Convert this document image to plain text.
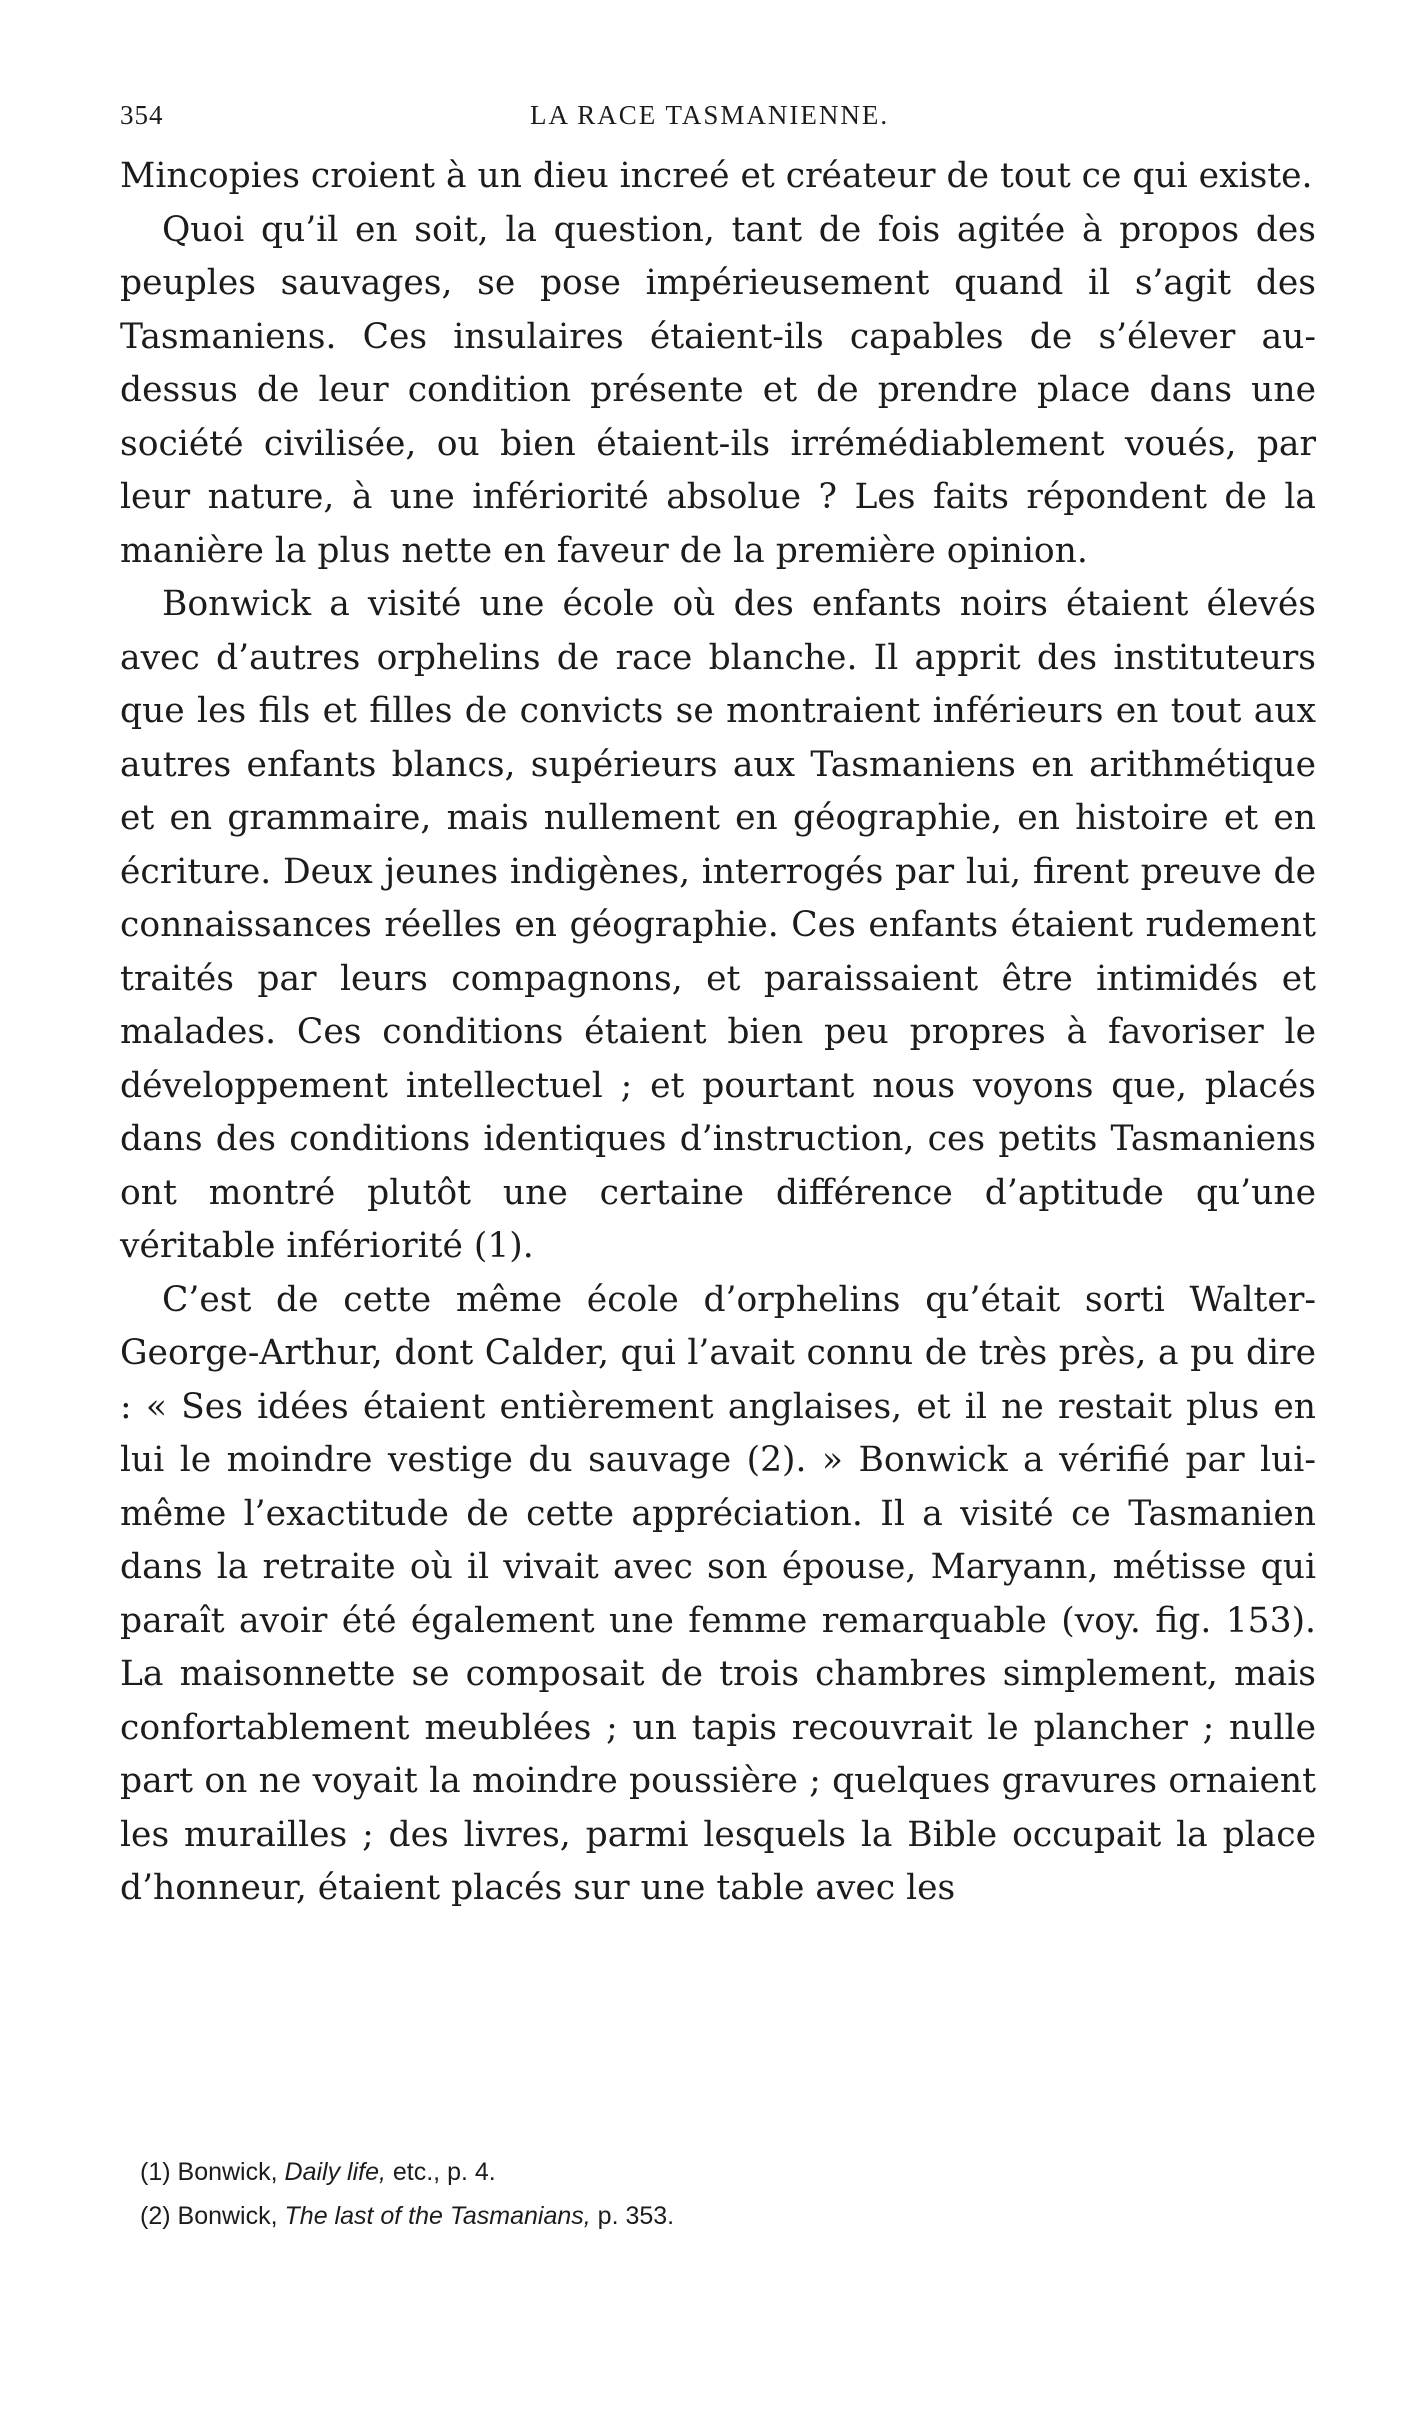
354	LA RACE TASMANIENNE.

Mincopies croient à un dieu increé et créateur de tout ce qui existe.

Quoi qu’il en soit, la question, tant de fois agitée à propos des peuples sauvages, se pose impérieusement quand il s’agit des Tasmaniens. Ces insulaires étaient-ils capables de s’élever au-dessus de leur condition présente et de prendre place dans une société civilisée, ou bien étaient-ils irrémédiablement voués, par leur nature, à une infériorité absolue ? Les faits répondent de la manière la plus nette en faveur de la première opinion.

Bonwick a visité une école où des enfants noirs étaient élevés avec d’autres orphelins de race blanche. Il apprit des instituteurs que les fils et filles de convicts se montraient inférieurs en tout aux autres enfants blancs, supérieurs aux Tasmaniens en arithmétique et en grammaire, mais nullement en géographie, en histoire et en écriture. Deux jeunes indigènes, interrogés par lui, firent preuve de connaissances réelles en géographie. Ces enfants étaient rudement traités par leurs compagnons, et paraissaient être intimidés et malades. Ces conditions étaient bien peu propres à favoriser le développement intellectuel ; et pourtant nous voyons que, placés dans des conditions identiques d’instruction, ces petits Tasmaniens ont montré plutôt une certaine différence d’aptitude qu’une véritable infériorité (1).

C’est de cette même école d’orphelins qu’était sorti Walter-George-Arthur, dont Calder, qui l’avait connu de très près, a pu dire : « Ses idées étaient entièrement anglaises, et il ne restait plus en lui le moindre vestige du sauvage (2). » Bonwick a vérifié par lui-même l’exactitude de cette appréciation. Il a visité ce Tasmanien dans la retraite où il vivait avec son épouse, Maryann, métisse qui paraît avoir été également une femme remarquable (voy. fig. 153). La maisonnette se composait de trois chambres simplement, mais confortablement meublées ; un tapis recouvrait le plancher ; nulle part on ne voyait la moindre poussière ; quelques gravures ornaient les murailles ; des livres, parmi lesquels la Bible occupait la place d’honneur, étaient placés sur une table avec les

(1) Bonwick, Daily life, etc., p. 4.

(2) Bonwick, The last of the Tasmanians, p. 353.
